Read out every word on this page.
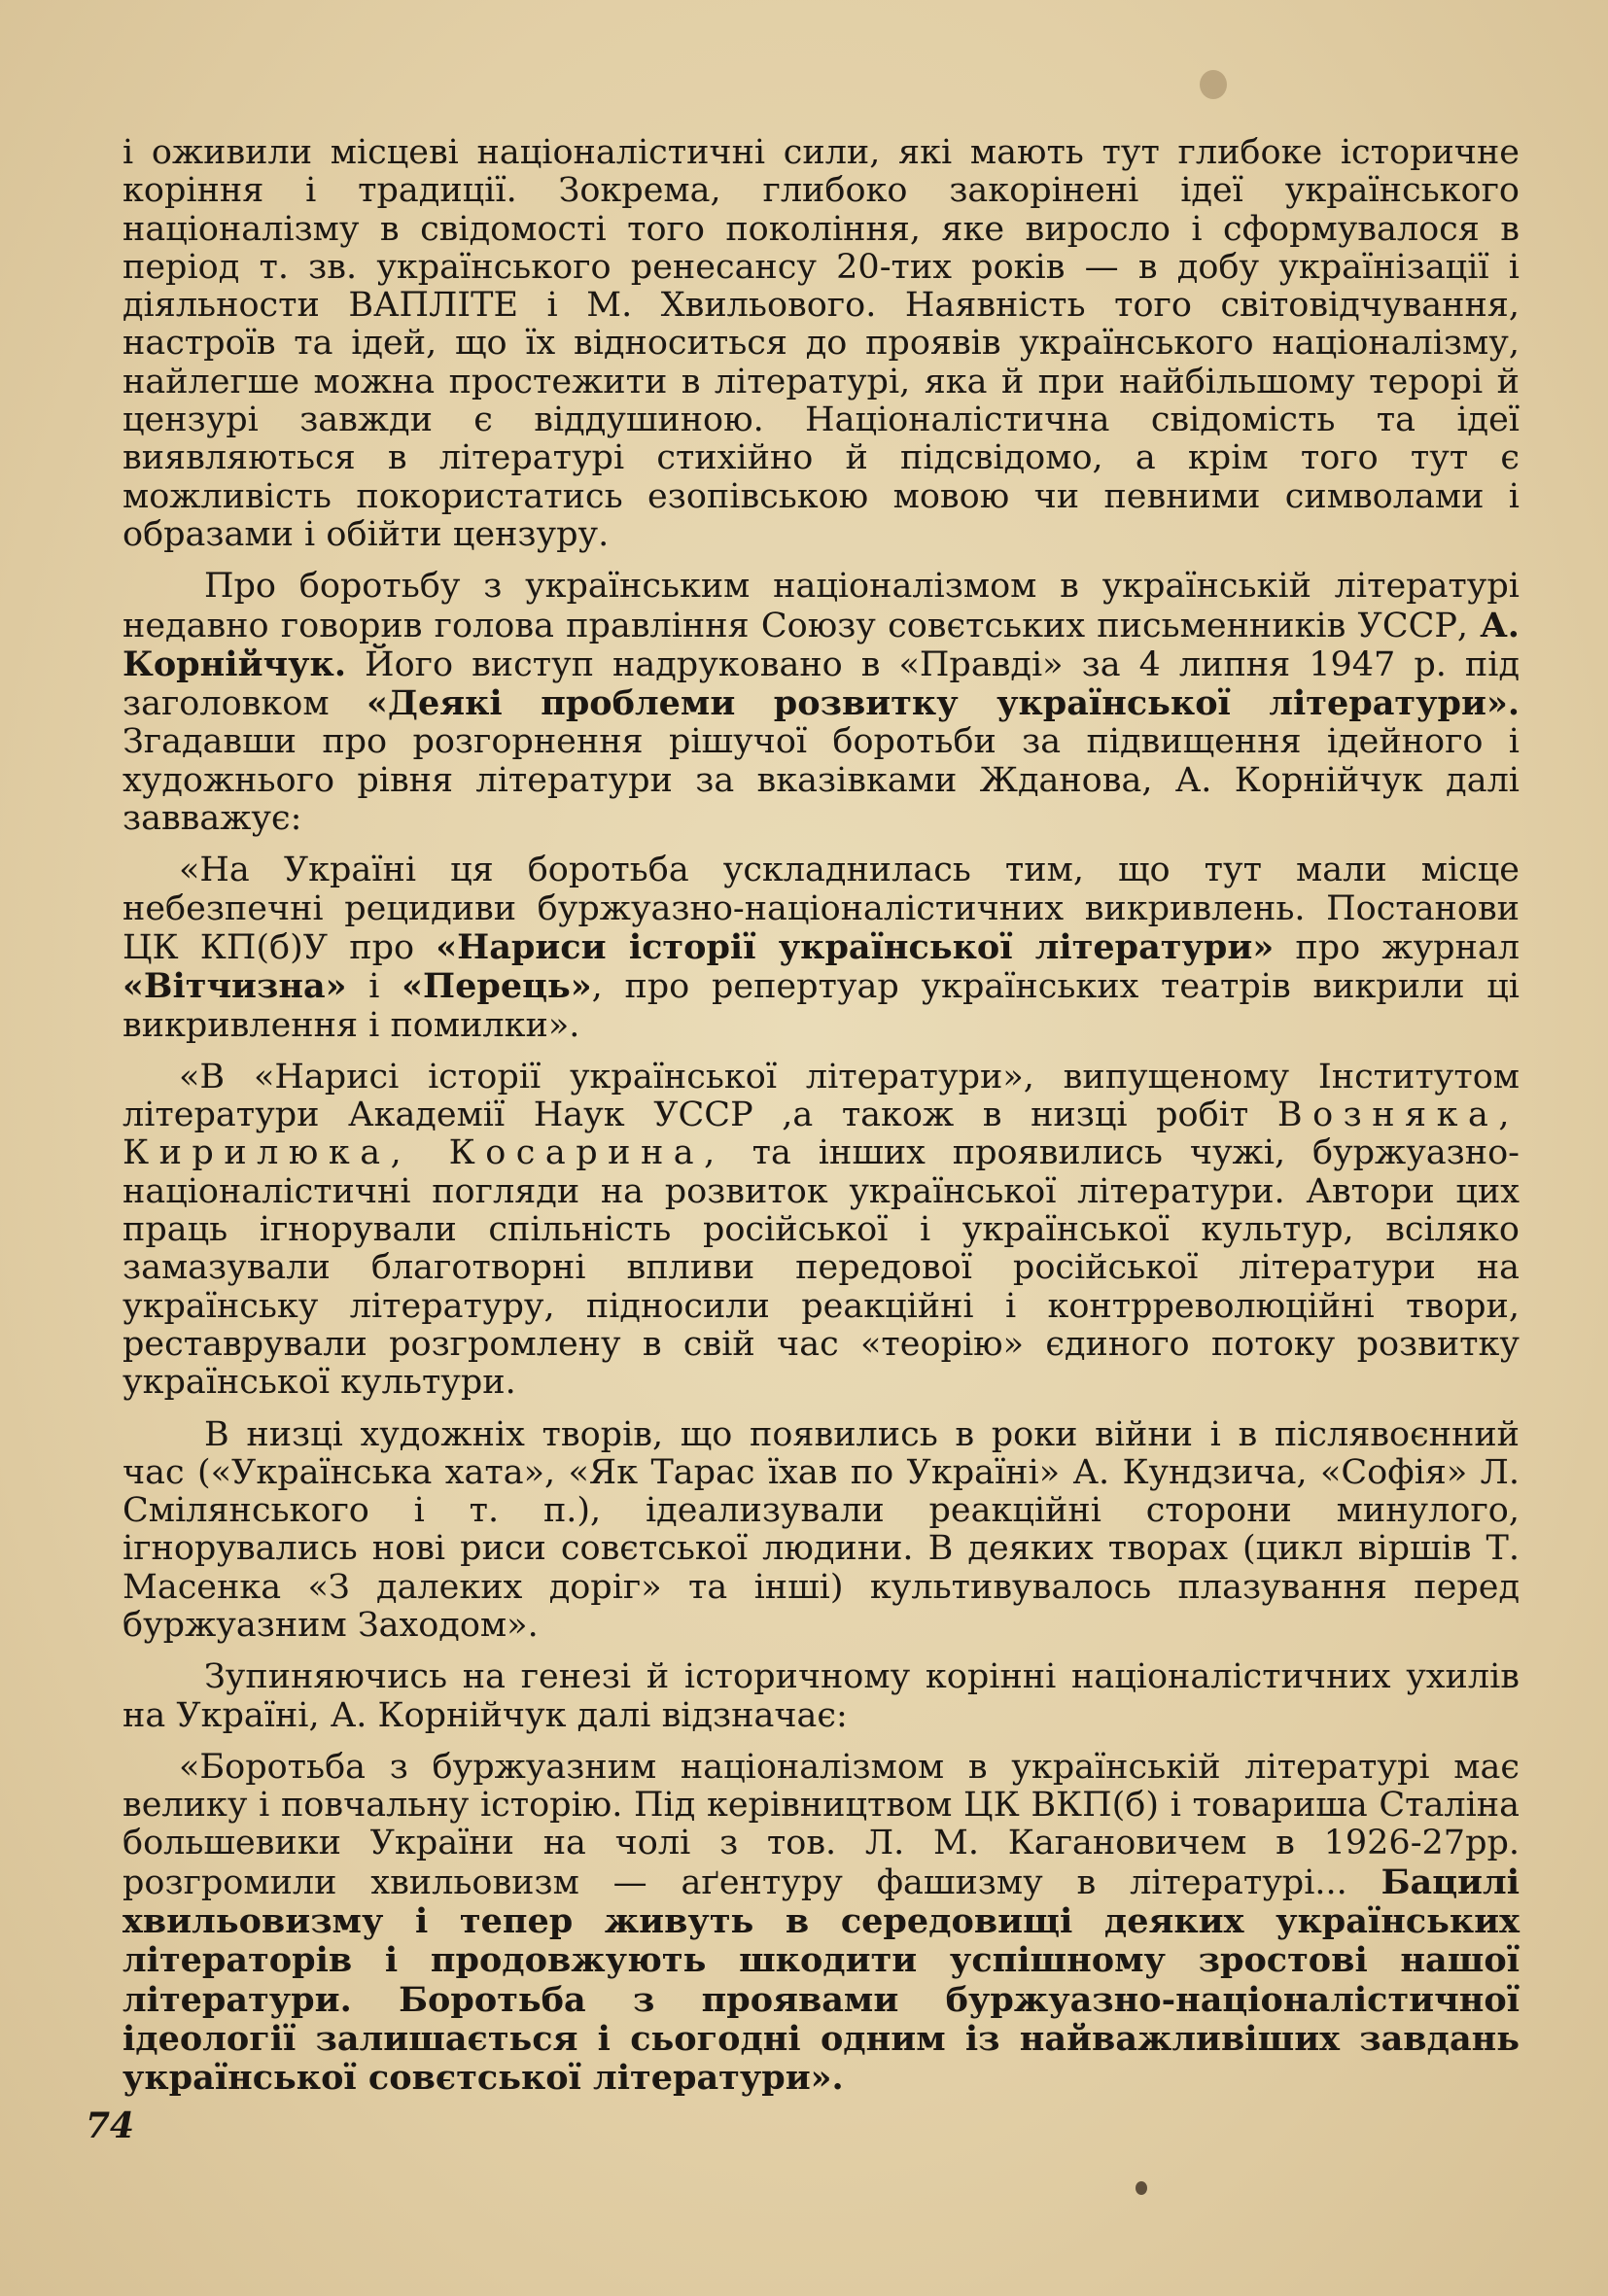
і оживили місцеві націоналістичні сили, які мають тут глибоке історичне коріння і традиції. Зокрема, глибоко закорінені ідеї українського націоналізму в свідомості того покоління, яке виросло і сформувалося в період т. зв. українського ренесансу 20-тих років — в добу українізації і діяльности ВАПЛІТЕ і М. Хвильового. Наявність того світовідчування, настроїв та ідей, що їх відноситься до проявів українського націоналізму, найлегше можна простежити в літературі, яка й при найбільшому терорі й цензурі завжди є віддушиною. Націоналістична свідомість та ідеї виявляються в літературі стихійно й підсвідомо, а крім того тут є можливість покористатись езопівською мовою чи певними символами і образами і обійти цензуру.

Про боротьбу з українським націоналізмом в українській літературі недавно говорив голова правління Союзу совєтських письменників УССР, А. Корнійчук. Його виступ надруковано в «Правді» за 4 липня 1947 р. під заголовком «Деякі проблеми розвитку української літератури». Згадавши про розгорнення рішучої боротьби за підвищення ідейного і художнього рівня літератури за вказівками Жданова, А. Корнійчук далі завважує:

«На Україні ця боротьба ускладнилась тим, що тут мали місце небезпечні рецидиви буржуазно-націоналістичних викривлень. Постанови ЦК КП(б)У про «Нариси історії української літератури» про журнал «Вітчизна» і «Перець», про репертуар українських театрів викрили ці викривлення і помилки».

«В «Нарисі історії української літератури», випущеному Інститутом літератури Академії Наук УССР ,а також в низці робіт Возняка, Кирилюка, Косарина, та інших проявились чужі, буржуазно-націоналістичні погляди на розвиток української літератури. Автори цих праць ігнорували спільність російської і української культур, всіляко замазували благотворні впливи передової російської літератури на українську літературу, підносили реакційні і контрреволюційні твори, реставрували розгромлену в свій час «теорію» єдиного потоку розвитку української культури.

В низці художніх творів, що появились в роки війни і в післявоєнний час («Українська хата», «Як Тарас їхав по Україні» А. Кундзича, «Софія» Л. Смілянського і т. п.), ідеализували реакційні сторони минулого, ігнорувались нові риси совєтської людини. В деяких творах (цикл віршів Т. Масенка «З далеких доріг» та інші) культивувалось плазування перед буржуазним Заходом».

Зупиняючись на генезі й історичному корінні націоналістичних ухилів на Україні, А. Корнійчук далі відзначає:

«Боротьба з буржуазним націоналізмом в українській літературі має велику і повчальну історію. Під керівництвом ЦК ВКП(б) і товариша Сталіна большевики України на чолі з тов. Л. М. Кагановичем в 1926-27рр. розгромили хвильовизм — аґентуру фашизму в літературі... Бацилі хвильовизму і тепер живуть в середовищі деяких українських літераторів і продовжують шкодити успішному зростові нашої літератури. Боротьба з проявами буржуазно-націоналістичної ідеології залишається і сьогодні одним із найважливіших завдань української совєтської літератури».

74
